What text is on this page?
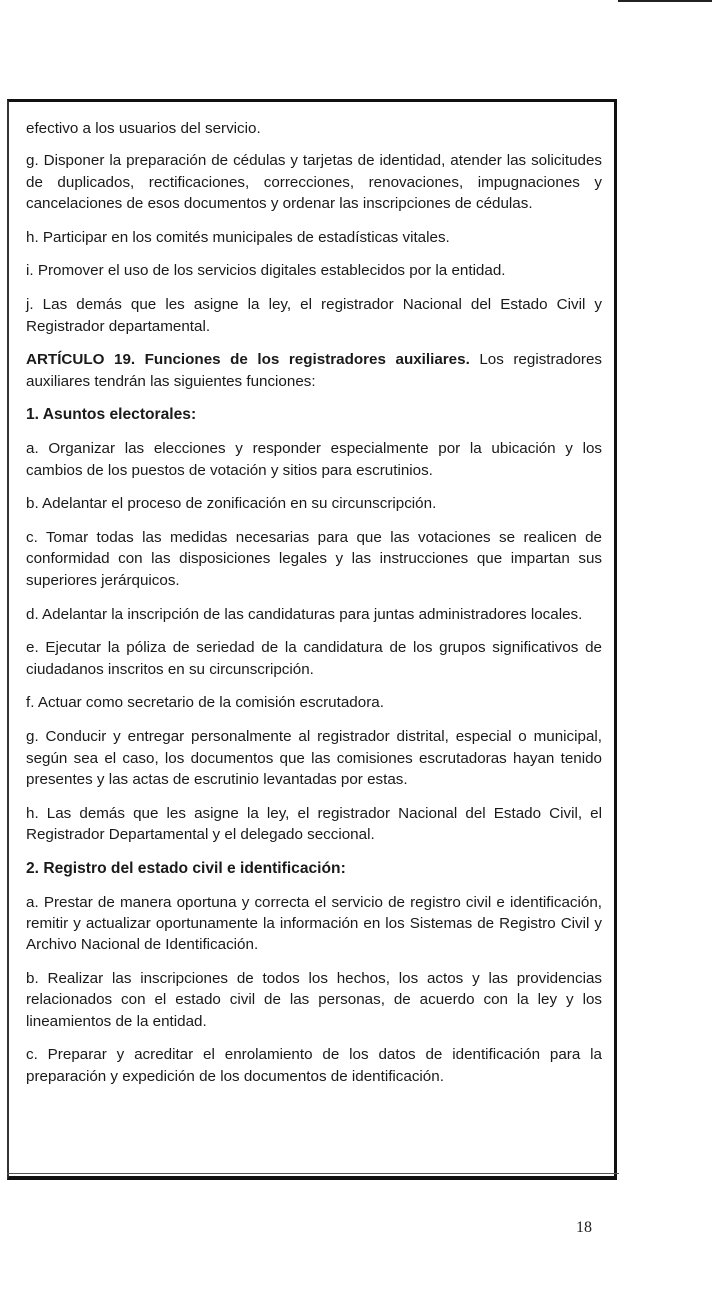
efectivo a los usuarios del servicio.

g. Disponer la preparación de cédulas y tarjetas de identidad, atender las solicitudes de duplicados, rectificaciones, correcciones, renovaciones, impugnaciones y cancelaciones de esos documentos y ordenar las inscripciones de cédulas.

h. Participar en los comités municipales de estadísticas vitales.

i. Promover el uso de los servicios digitales establecidos por la entidad.

j. Las demás que les asigne la ley, el registrador Nacional del Estado Civil y Registrador departamental.

ARTÍCULO 19. Funciones de los registradores auxiliares. Los registradores auxiliares tendrán las siguientes funciones:

1. Asuntos electorales:

a. Organizar las elecciones y responder especialmente por la ubicación y los cambios de los puestos de votación y sitios para escrutinios.

b. Adelantar el proceso de zonificación en su circunscripción.

c. Tomar todas las medidas necesarias para que las votaciones se realicen de conformidad con las disposiciones legales y las instrucciones que impartan sus superiores jerárquicos.

d. Adelantar la inscripción de las candidaturas para juntas administradores locales.

e. Ejecutar la póliza de seriedad de la candidatura de los grupos significativos de ciudadanos inscritos en su circunscripción.

f. Actuar como secretario de la comisión escrutadora.

g. Conducir y entregar personalmente al registrador distrital, especial o municipal, según sea el caso, los documentos que las comisiones escrutadoras hayan tenido presentes y las actas de escrutinio levantadas por estas.

h. Las demás que les asigne la ley, el registrador Nacional del Estado Civil, el Registrador Departamental y el delegado seccional.

2. Registro del estado civil e identificación:

a. Prestar de manera oportuna y correcta el servicio de registro civil e identificación, remitir y actualizar oportunamente la información en los Sistemas de Registro Civil y Archivo Nacional de Identificación.

b. Realizar las inscripciones de todos los hechos, los actos y las providencias relacionados con el estado civil de las personas, de acuerdo con la ley y los lineamientos de la entidad.

c. Preparar y acreditar el enrolamiento de los datos de identificación para la preparación y expedición de los documentos de identificación.

18
